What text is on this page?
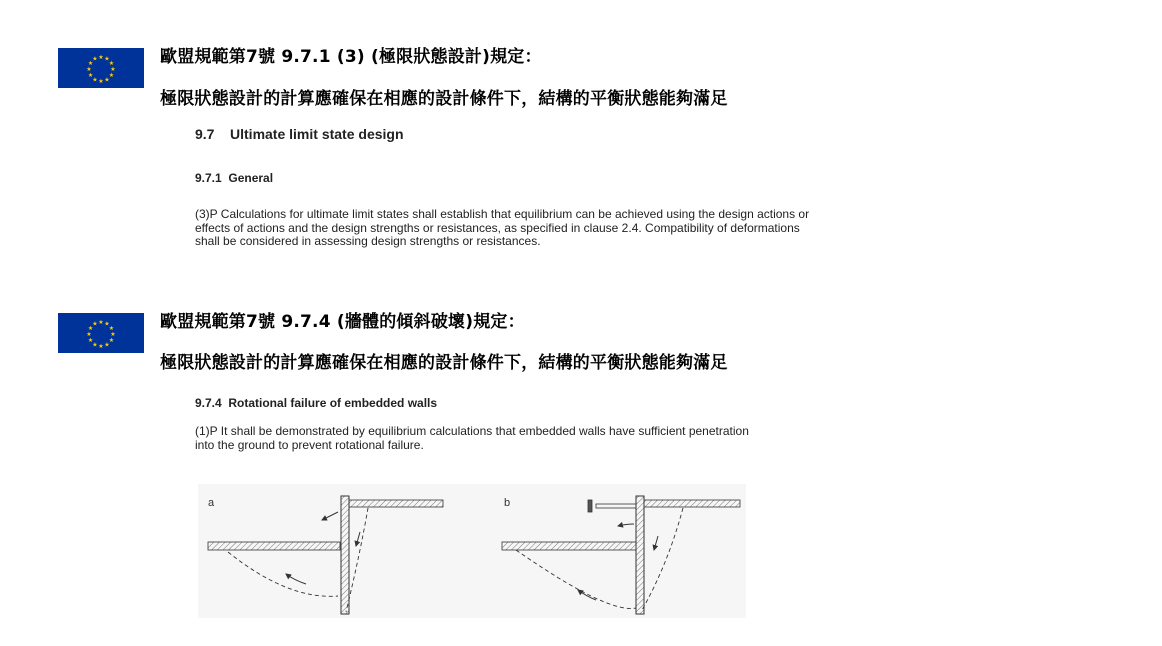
★ ★
★
★
★
★
★
★
★
★
★
★	歐盟規範第7號 9.7.1 (3) (極限狀態設計)規定：
極限狀態設計的計算應確保在相應的設計條件下，結構的平衡狀態能夠滿足
9.7    Ultimate limit state design
9.7.1  General
(3)P Calculations for ultimate limit states shall establish that equilibrium can be achieved using the design actions or effects of actions and the design strengths or resistances, as specified in clause 2.4. Compatibility of deformations shall be considered in assessing design strengths or resistances.
★ ★
★
★
★
★
★
★
★
★
★
★	歐盟規範第7號 9.7.4 (牆體的傾斜破壞)規定：
極限狀態設計的計算應確保在相應的設計條件下，結構的平衡狀態能夠滿足
9.7.4  Rotational failure of embedded walls
(1)P It shall be demonstrated by equilibrium calculations that embedded walls have sufficient penetration into the ground to prevent rotational failure.
a	b
